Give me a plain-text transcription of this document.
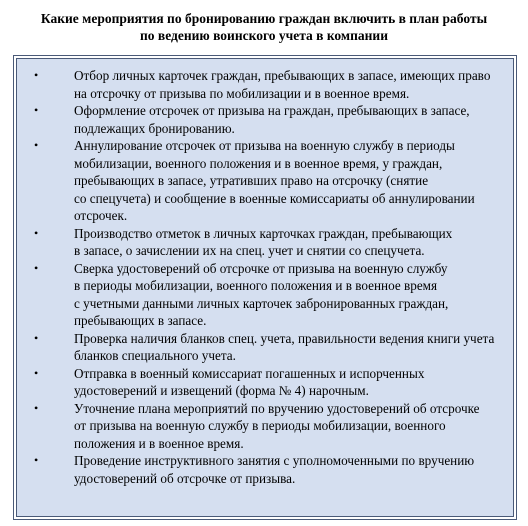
Какие мероприятия по бронированию граждан включить в план работы
по ведению воинского учета в компании
•	Отбор личных карточек граждан, пребывающих в запасе, имеющих право
на отсрочку от призыва по мобилизации и в военное время.
•	Оформление отсрочек от призыва на граждан, пребывающих в запасе,
подлежащих бронированию.
•	Аннулирование отсрочек от призыва на военную службу в периоды
мобилизации, военного положения и в военное время, у граждан,
пребывающих в запасе, утративших право на отсрочку (снятие
со спецучета) и сообщение в военные комиссариаты об аннулировании
отсрочек.
•	Производство отметок в личных карточках граждан, пребывающих
в запасе, о зачислении их на спец. учет и снятии со спецучета.
•	Сверка удостоверений об отсрочке от призыва на военную службу
в периоды мобилизации, военного положения и в военное время
с учетными данными личных карточек забронированных граждан,
пребывающих в запасе.
•	Проверка наличия бланков спец. учета, правильности ведения книги учета
бланков специального учета.
•	Отправка в военный комиссариат погашенных и испорченных
удостоверений и извещений (форма № 4) нарочным.
•	Уточнение плана мероприятий по вручению удостоверений об отсрочке
от призыва на военную службу в периоды мобилизации, военного
положения и в военное время.
•	Проведение инструктивного занятия с уполномоченными по вручению
удостоверений об отсрочке от призыва.
